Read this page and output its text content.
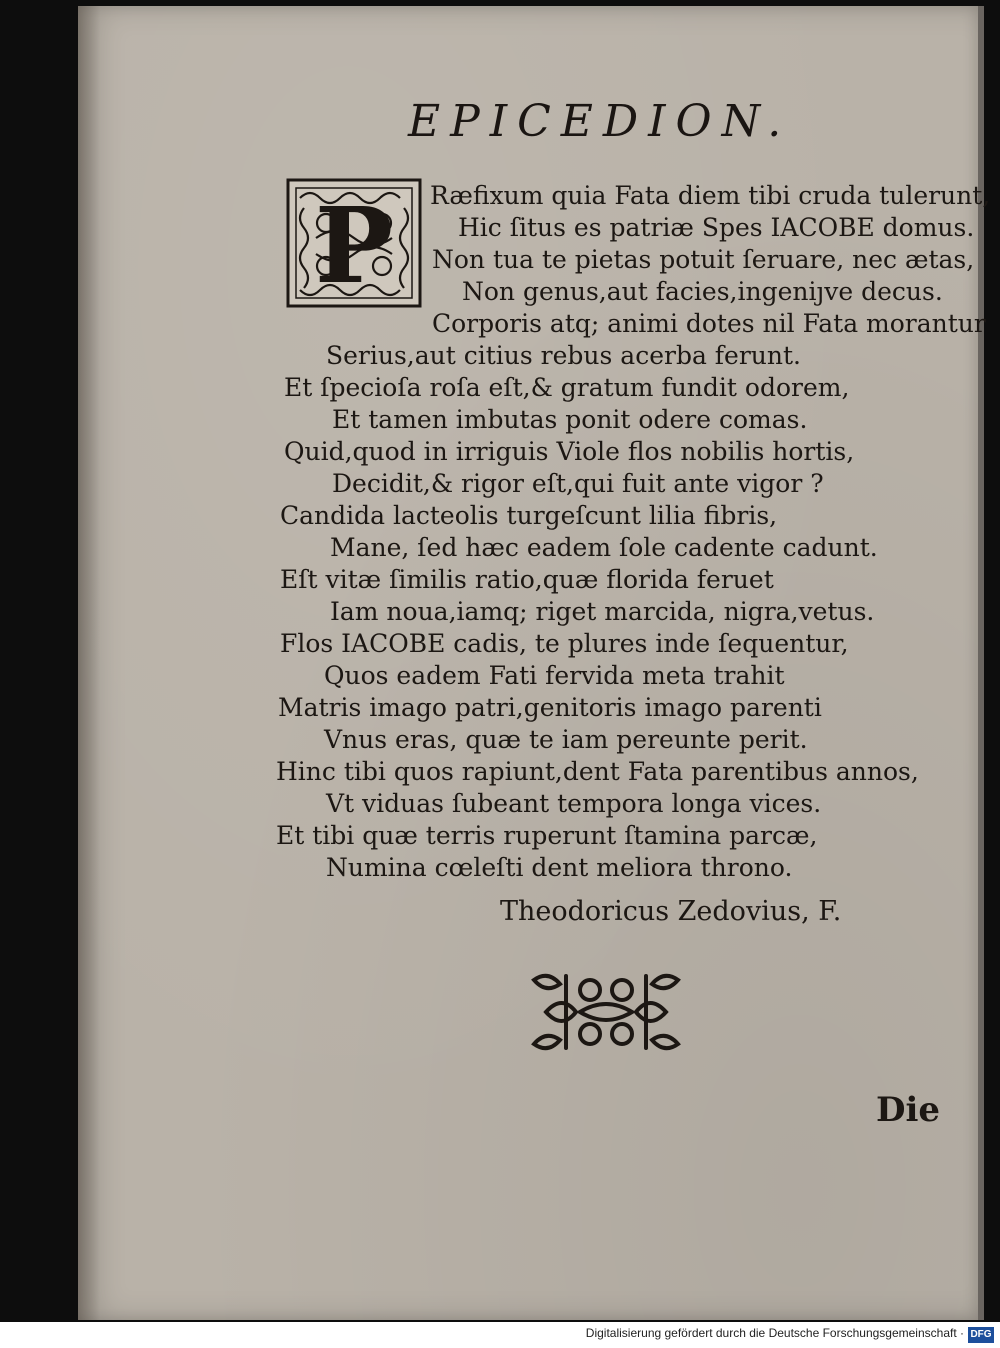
EPICEDION.
P Ræfixum quia Fata diem tibi cruda tulerunt,
Hic ſitus es patriæ Spes IACOBE domus.
Non tua te pietas potuit ſeruare, nec ætas,
Non genus,aut facies,ingeniȷve decus.
Corporis atq; animi dotes nil Fata morantur
Serius,aut citius rebus acerba ferunt.
Et ſpecioſa roſa eſt,& gratum fundit odorem,
Et tamen imbutas ponit odere comas.
Quid,quod in irriguis Viole flos nobilis hortis,
Decidit,& rigor eſt,qui fuit ante vigor ?
Candida lacteolis turgeſcunt lilia fibris,
Mane, ſed hæc eadem ſole cadente cadunt.
Eſt vitæ ſimilis ratio,quæ florida feruet
Iam noua,iamq; riget marcida, nigra,vetus.
Flos IACOBE cadis, te plures inde ſequentur,
Quos eadem Fati fervida meta trahit
Matris imago patri,genitoris imago parenti
Vnus eras, quæ te iam pereunte perit.
Hinc tibi quos rapiunt,dent Fata parentibus annos,
Vt viduas ſubeant tempora longa vices.
Et tibi quæ terris ruperunt ſtamina parcæ,
Numina cœleſti dent meliora throno.
Theodoricus Zedovius, F.
Die
Digitalisierung gefördert durch die Deutsche Forschungsgemeinschaft · DFG
